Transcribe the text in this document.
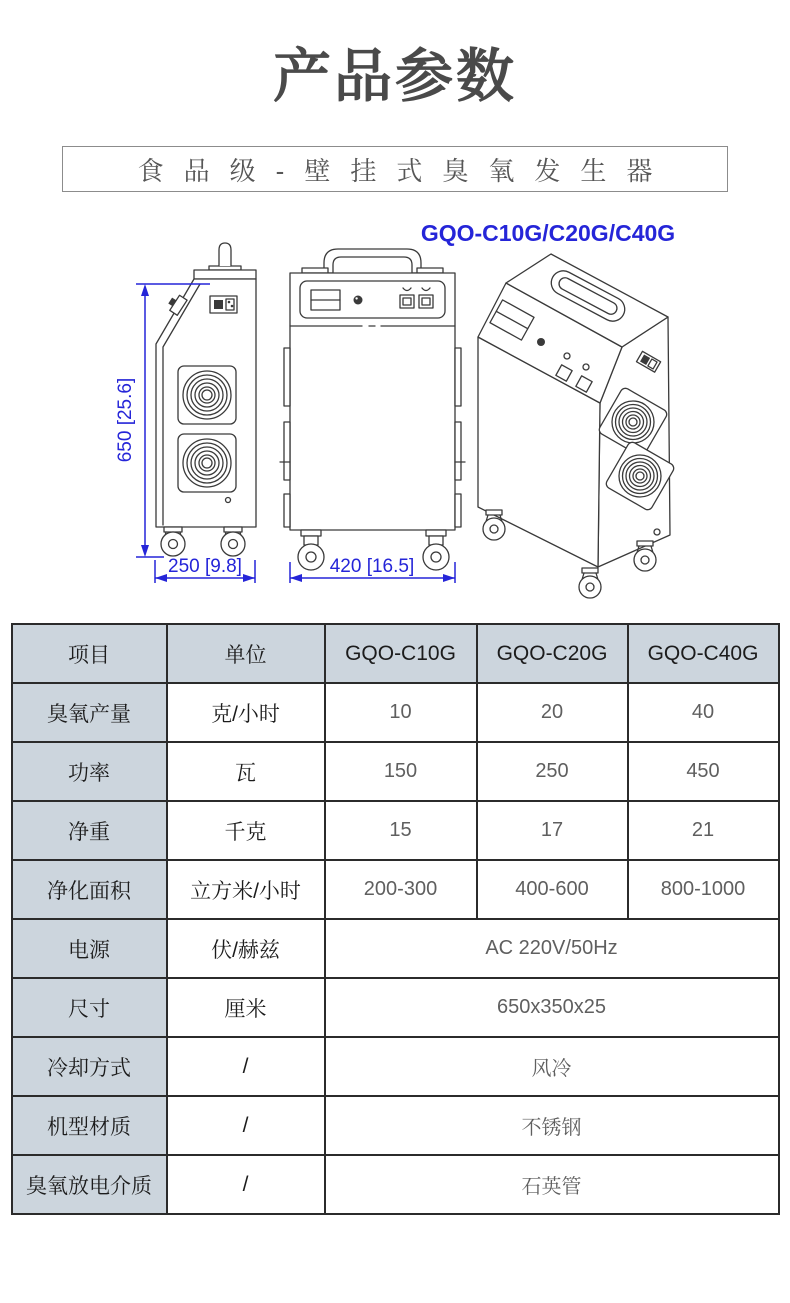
产品参数
食品级-壁挂式臭氧发生器
GQO-C10G/C20G/C40G
650 [25.6]
250 [9.8]	420 [16.5]
项目	单位	GQO-C10G	GQO-C20G	GQO-C40G
臭氧产量	克/小时	10	20	40
功率	瓦	150	250	450
净重	千克	15	17	21
净化面积	立方米/小时	200-300	400-600	800-1000
电源	伏/赫兹	AC 220V/50Hz		
尺寸	厘米	650x350x25		
冷却方式	/	风冷		
机型材质	/	不锈钢		
臭氧放电介质	/	石英管		
